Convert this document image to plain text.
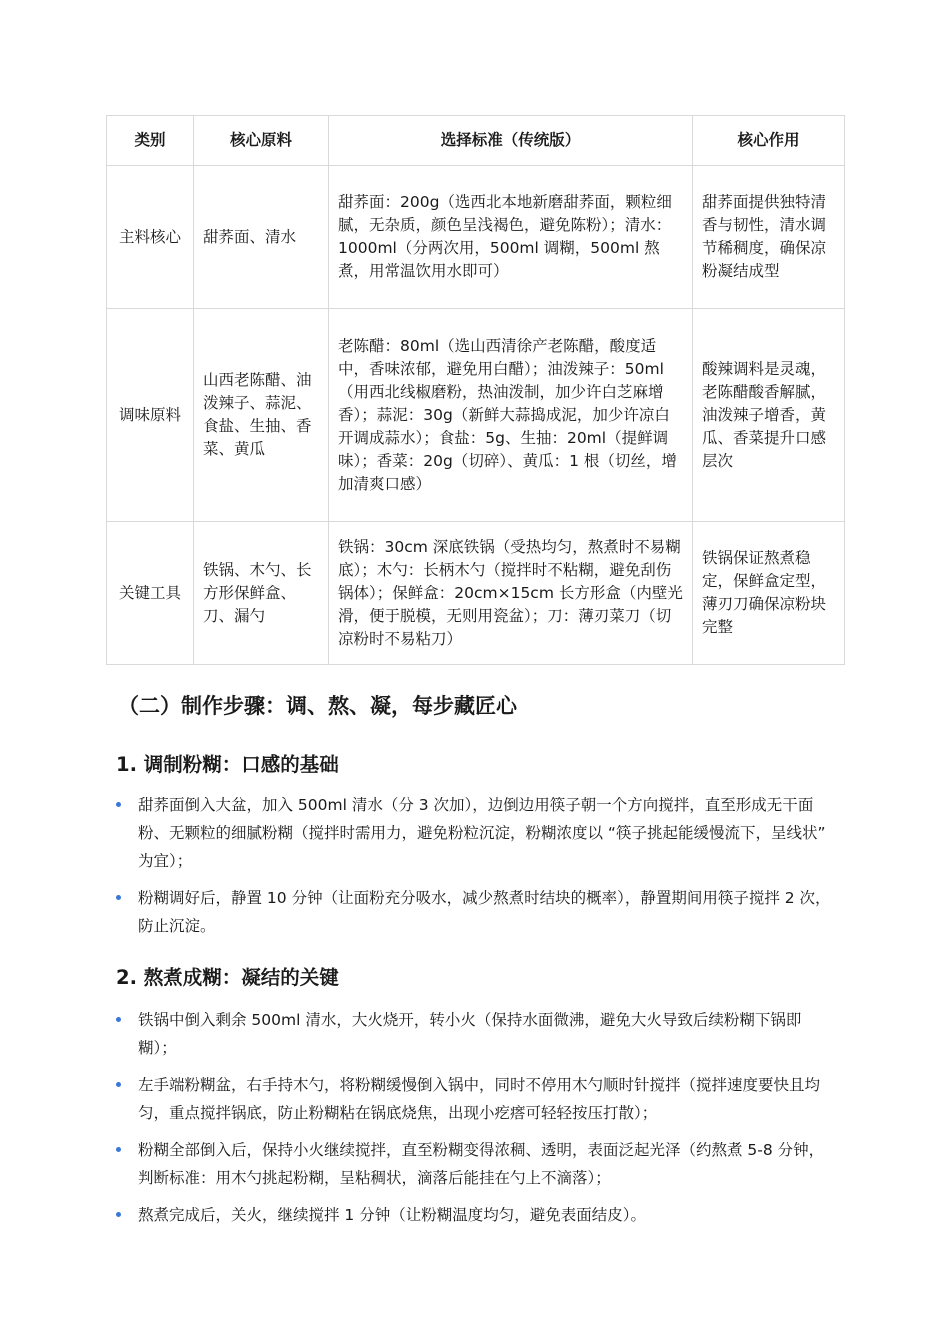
类别	核心原料	选择标准（传统版）	核心作用
主料核心	甜荞面、清水	甜荞面：200g（选西北本地新磨甜荞面，颗粒细腻，无杂质，颜色呈浅褐色，避免陈粉）；清水：1000ml（分两次用，500ml 调糊，500ml 熬煮，用常温饮用水即可）	甜荞面提供独特清香与韧性，清水调节稀稠度，确保凉粉凝结成型
调味原料	山西老陈醋、油泼辣子、蒜泥、食盐、生抽、香菜、黄瓜	老陈醋：80ml（选山西清徐产老陈醋，酸度适中，香味浓郁，避免用白醋）；油泼辣子：50ml（用西北线椒磨粉，热油泼制，加少许白芝麻增香）；蒜泥：30g（新鲜大蒜捣成泥，加少许凉白开调成蒜水）；食盐：5g、生抽：20ml（提鲜调味）；香菜：20g（切碎）、黄瓜：1 根（切丝，增加清爽口感）	酸辣调料是灵魂，老陈醋酸香解腻，油泼辣子增香，黄瓜、香菜提升口感层次
关键工具	铁锅、木勺、长方形保鲜盒、刀、漏勺	铁锅：30cm 深底铁锅（受热均匀，熬煮时不易糊底）；木勺：长柄木勺（搅拌时不粘糊，避免刮伤锅体）；保鲜盒：20cm×15cm 长方形盒（内壁光滑，便于脱模，无则用瓷盆）；刀：薄刃菜刀（切凉粉时不易粘刀）	铁锅保证熬煮稳定，保鲜盒定型，薄刃刀确保凉粉块完整
（二）制作步骤：调、熬、凝，每步藏匠心
1. 调制粉糊：口感的基础
甜荞面倒入大盆，加入 500ml 清水（分 3 次加），边倒边用筷子朝一个方向搅拌，直至形成无干面粉、无颗粒的细腻粉糊（搅拌时需用力，避免粉粒沉淀，粉糊浓度以 “筷子挑起能缓慢流下，呈线状” 为宜）；
粉糊调好后，静置 10 分钟（让面粉充分吸水，减少熬煮时结块的概率），静置期间用筷子搅拌 2 次，防止沉淀。
2. 熬煮成糊：凝结的关键
铁锅中倒入剩余 500ml 清水，大火烧开，转小火（保持水面微沸，避免大火导致后续粉糊下锅即糊）；
左手端粉糊盆，右手持木勺，将粉糊缓慢倒入锅中，同时不停用木勺顺时针搅拌（搅拌速度要快且均匀，重点搅拌锅底，防止粉糊粘在锅底烧焦，出现小疙瘩可轻轻按压打散）；
粉糊全部倒入后，保持小火继续搅拌，直至粉糊变得浓稠、透明，表面泛起光泽（约熬煮 5-8 分钟，判断标准：用木勺挑起粉糊，呈粘稠状，滴落后能挂在勺上不滴落）；
熬煮完成后，关火，继续搅拌 1 分钟（让粉糊温度均匀，避免表面结皮）。
